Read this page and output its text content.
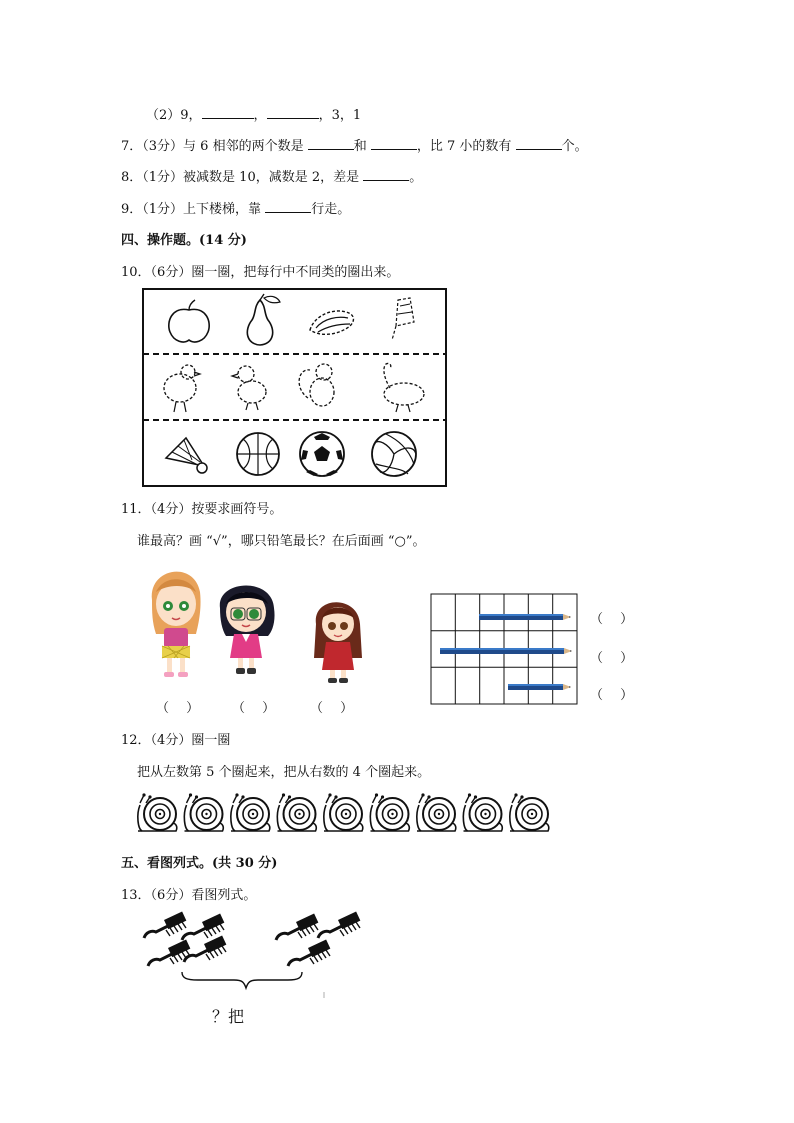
（2）9，	，	，3，1
7．（3分）与 6 相邻的两个数是	和	，比 7 小的数有	个。
8．（1分）被减数是 10，减数是 2，差是	。
9．（1分）上下楼梯，靠	行走。
四、操作题。(14 分)
10．（6分）圈一圈，把每行中不同类的圈出来。
11．（4分）按要求画符号。
谁最高？画 “√”，哪只铅笔最长？在后面画 “○”。
（　 ）	（　 ）	（　 ）
（　 ）
（　 ）
（　 ）
12．（4分）圈一圈
把从左数第 5 个圈起来，把从右数的 4 个圈起来。
五、看图列式。(共 30 分)
13．（6分）看图列式。
？把
